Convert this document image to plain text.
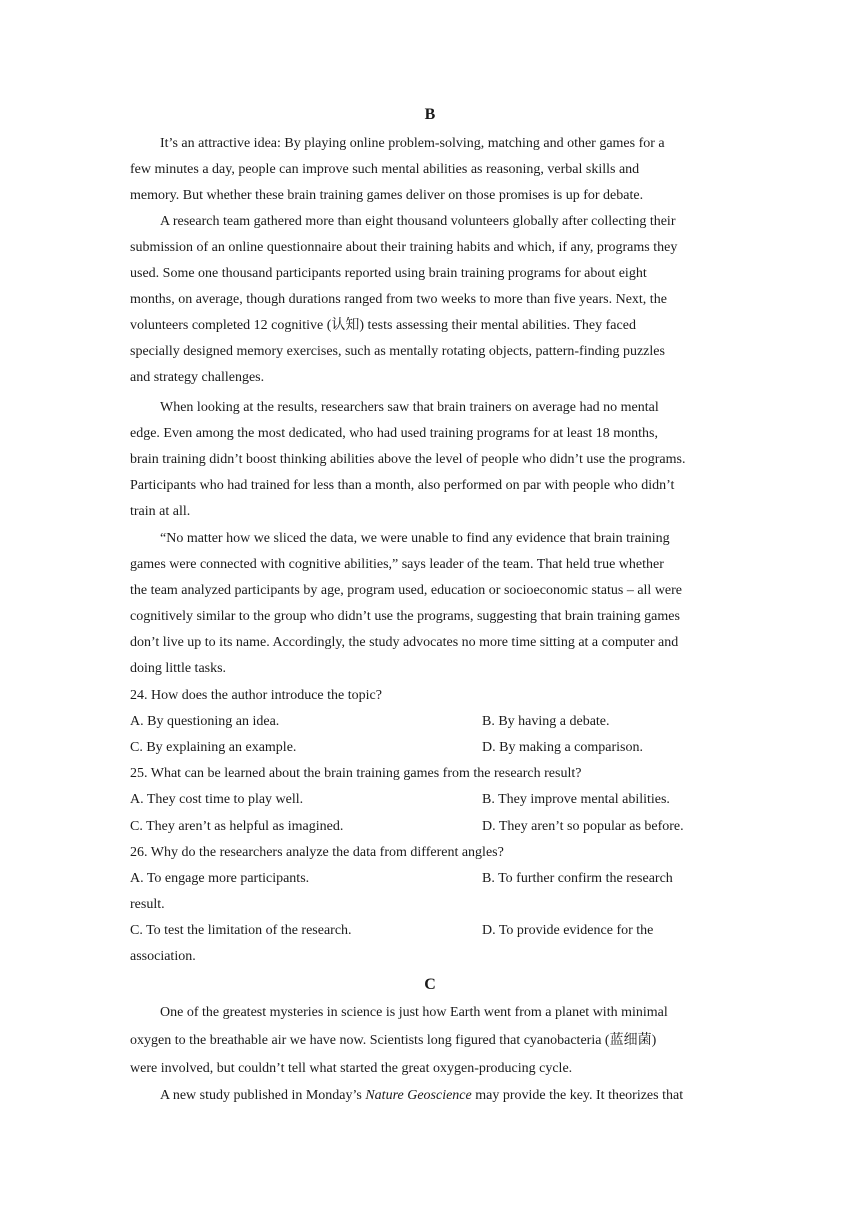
B
It’s an attractive idea: By playing online problem-solving, matching and other games for a
few minutes a day, people can improve such mental abilities as reasoning, verbal skills and
memory. But whether these brain training games deliver on those promises is up for debate.
A research team gathered more than eight thousand volunteers globally after collecting their
submission of an online questionnaire about their training habits and which, if any, programs they
used. Some one thousand participants reported using brain training programs for about eight
months, on average, though durations ranged from two weeks to more than five years. Next, the
volunteers completed 12 cognitive (认知) tests assessing their mental abilities. They faced
specially designed memory exercises, such as mentally rotating objects, pattern-finding puzzles
and strategy challenges.
When looking at the results, researchers saw that brain trainers on average had no mental
edge. Even among the most dedicated, who had used training programs for at least 18 months,
brain training didn’t boost thinking abilities above the level of people who didn’t use the programs.
Participants who had trained for less than a month, also performed on par with people who didn’t
train at all.
“No matter how we sliced the data, we were unable to find any evidence that brain training
games were connected with cognitive abilities,” says leader of the team. That held true whether
the team analyzed participants by age, program used, education or socioeconomic status – all were
cognitively similar to the group who didn’t use the programs, suggesting that brain training games
don’t live up to its name. Accordingly, the study advocates no more time sitting at a computer and
doing little tasks.
24. How does the author introduce the topic?
A. By questioning an idea.	B. By having a debate.
C. By explaining an example.	D. By making a comparison.
25. What can be learned about the brain training games from the research result?
A. They cost time to play well.	B. They improve mental abilities.
C. They aren’t as helpful as imagined.	D. They aren’t so popular as before.
26. Why do the researchers analyze the data from different angles?
A. To engage more participants.	B. To further confirm the research
result.
C. To test the limitation of the research.	D. To provide evidence for the
association.
C
One of the greatest mysteries in science is just how Earth went from a planet with minimal
oxygen to the breathable air we have now. Scientists long figured that cyanobacteria (蓝细菌)
were involved, but couldn’t tell what started the great oxygen-producing cycle.
A new study published in Monday’s Nature Geoscience may provide the key. It theorizes that
